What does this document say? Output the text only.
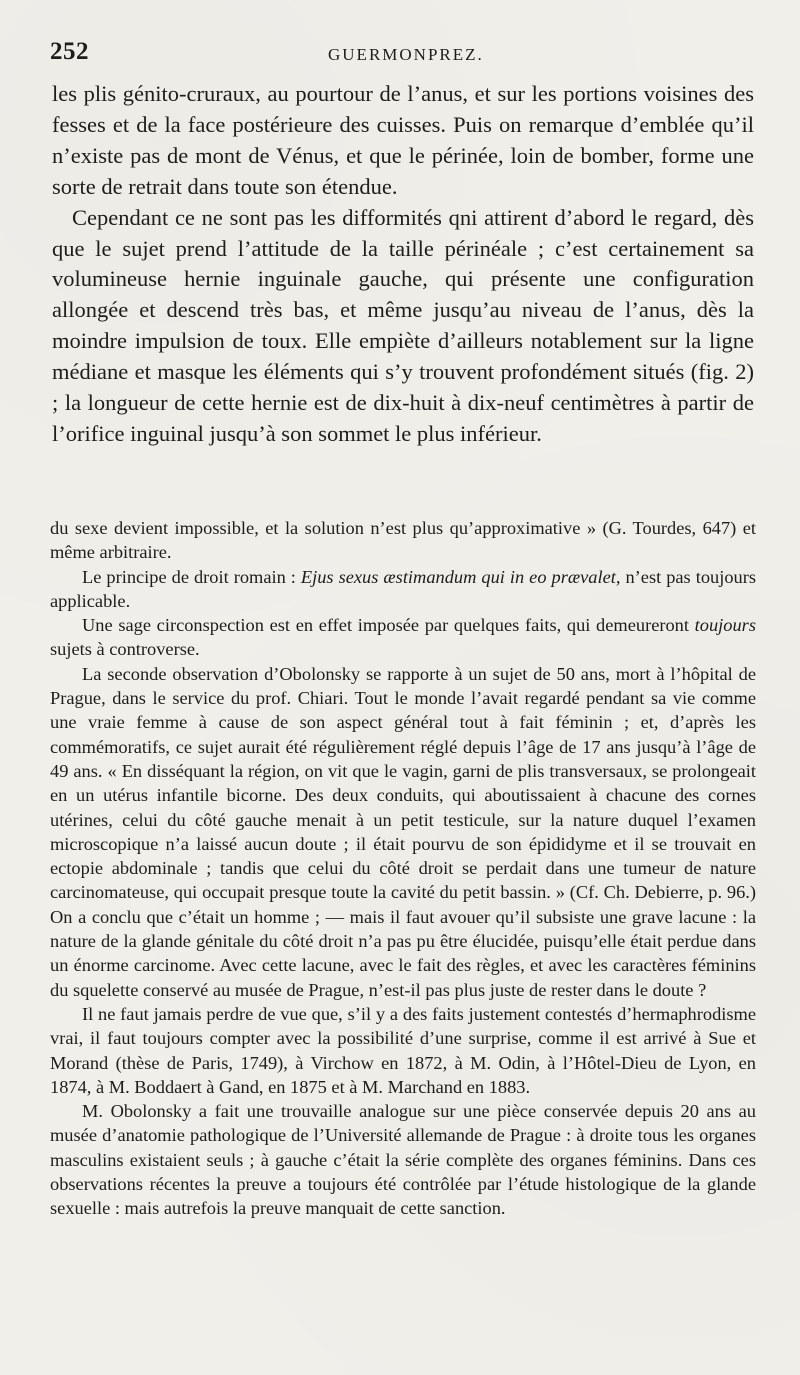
252	GUERMONPREZ.

les plis génito-cruraux, au pourtour de l’anus, et sur les portions voisines des fesses et de la face postérieure des cuisses. Puis on remarque d’emblée qu’il n’existe pas de mont de Vénus, et que le périnée, loin de bomber, forme une sorte de retrait dans toute son étendue.

Cependant ce ne sont pas les difformités qni attirent d’abord le regard, dès que le sujet prend l’attitude de la taille périnéale ; c’est certainement sa volumineuse hernie inguinale gauche, qui présente une configuration allongée et descend très bas, et même jusqu’au niveau de l’anus, dès la moindre impulsion de toux. Elle empiète d’ailleurs notablement sur la ligne médiane et masque les éléments qui s’y trouvent profondément situés (fig. 2) ; la longueur de cette hernie est de dix-huit à dix-neuf centimètres à partir de l’orifice inguinal jusqu’à son sommet le plus inférieur.

du sexe devient impossible, et la solution n’est plus qu’approximative » (G. Tourdes, 647) et même arbitraire.

Le principe de droit romain : Ejus sexus æstimandum qui in eo prævalet, n’est pas toujours applicable.

Une sage circonspection est en effet imposée par quelques faits, qui demeureront toujours sujets à controverse.

La seconde observation d’Obolonsky se rapporte à un sujet de 50 ans, mort à l’hôpital de Prague, dans le service du prof. Chiari. Tout le monde l’avait regardé pendant sa vie comme une vraie femme à cause de son aspect général tout à fait féminin ; et, d’après les commémoratifs, ce sujet aurait été régulièrement réglé depuis l’âge de 17 ans jusqu’à l’âge de 49 ans. « En disséquant la région, on vit que le vagin, garni de plis transversaux, se prolongeait en un utérus infantile bicorne. Des deux conduits, qui aboutissaient à chacune des cornes utérines, celui du côté gauche menait à un petit testicule, sur la nature duquel l’examen microscopique n’a laissé aucun doute ; il était pourvu de son épididyme et il se trouvait en ectopie abdominale ; tandis que celui du côté droit se perdait dans une tumeur de nature carcinomateuse, qui occupait presque toute la cavité du petit bassin. » (Cf. Ch. Debierre, p. 96.) On a conclu que c’était un homme ; — mais il faut avouer qu’il subsiste une grave lacune : la nature de la glande génitale du côté droit n’a pas pu être élucidée, puisqu’elle était perdue dans un énorme carcinome. Avec cette lacune, avec le fait des règles, et avec les caractères féminins du squelette conservé au musée de Prague, n’est-il pas plus juste de rester dans le doute ?

Il ne faut jamais perdre de vue que, s’il y a des faits justement contestés d’hermaphrodisme vrai, il faut toujours compter avec la possibilité d’une surprise, comme il est arrivé à Sue et Morand (thèse de Paris, 1749), à Virchow en 1872, à M. Odin, à l’Hôtel-Dieu de Lyon, en 1874, à M. Boddaert à Gand, en 1875 et à M. Marchand en 1883.

M. Obolonsky a fait une trouvaille analogue sur une pièce conservée depuis 20 ans au musée d’anatomie pathologique de l’Université allemande de Prague : à droite tous les organes masculins existaient seuls ; à gauche c’était la série complète des organes féminins. Dans ces observations récentes la preuve a toujours été contrôlée par l’étude histologique de la glande sexuelle : mais autrefois la preuve manquait de cette sanction.
